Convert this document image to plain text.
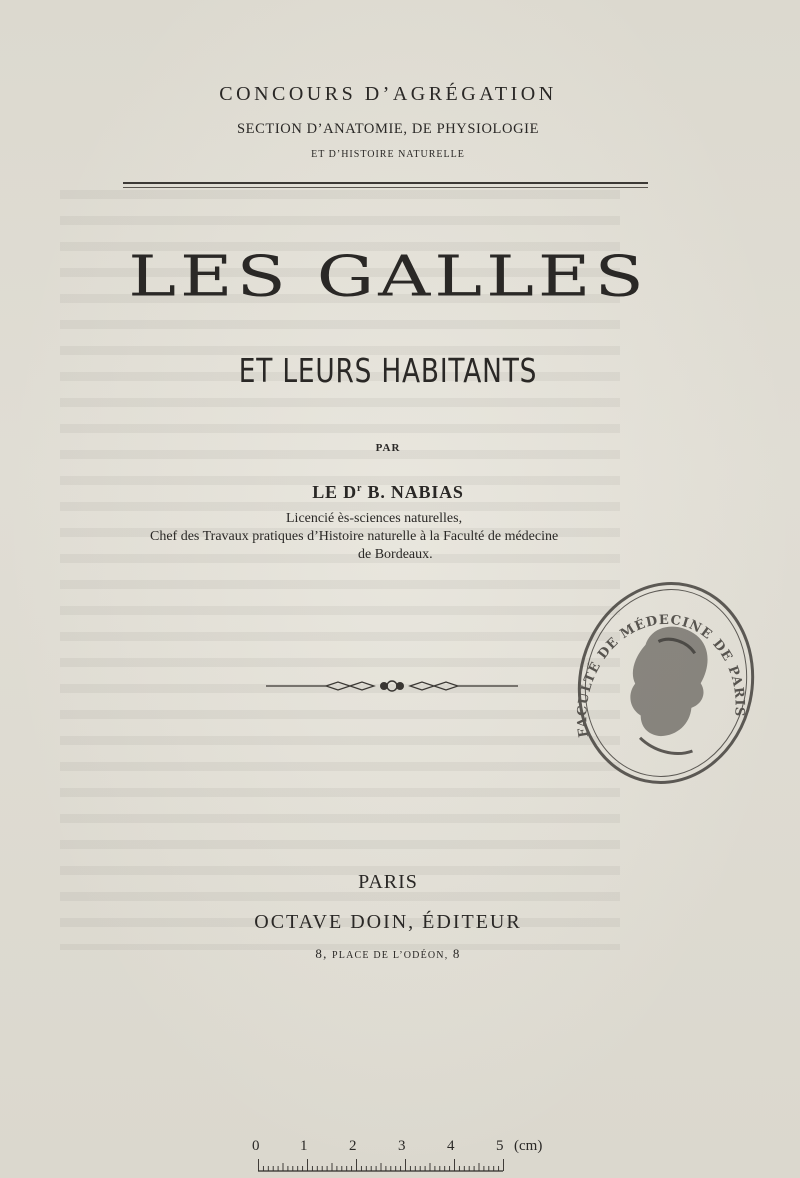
CONCOURS D’AGRÉGATION
SECTION D’ANATOMIE, DE PHYSIOLOGIE
ET D’HISTOIRE NATURELLE
LES GALLES
ET LEURS HABITANTS
PAR
LE $D^r$ B. NABIAS
Licencié ès-sciences naturelles,
Chef des Travaux pratiques d’Histoire naturelle à la Faculté de médecine
de Bordeaux.
PARIS
OCTAVE DOIN, ÉDITEUR
8, PLACE DE L’ODÉON, 8
FACULTÉ DE MÉDECINE DE PARIS
0	1	2	3	4	5 (cm)
